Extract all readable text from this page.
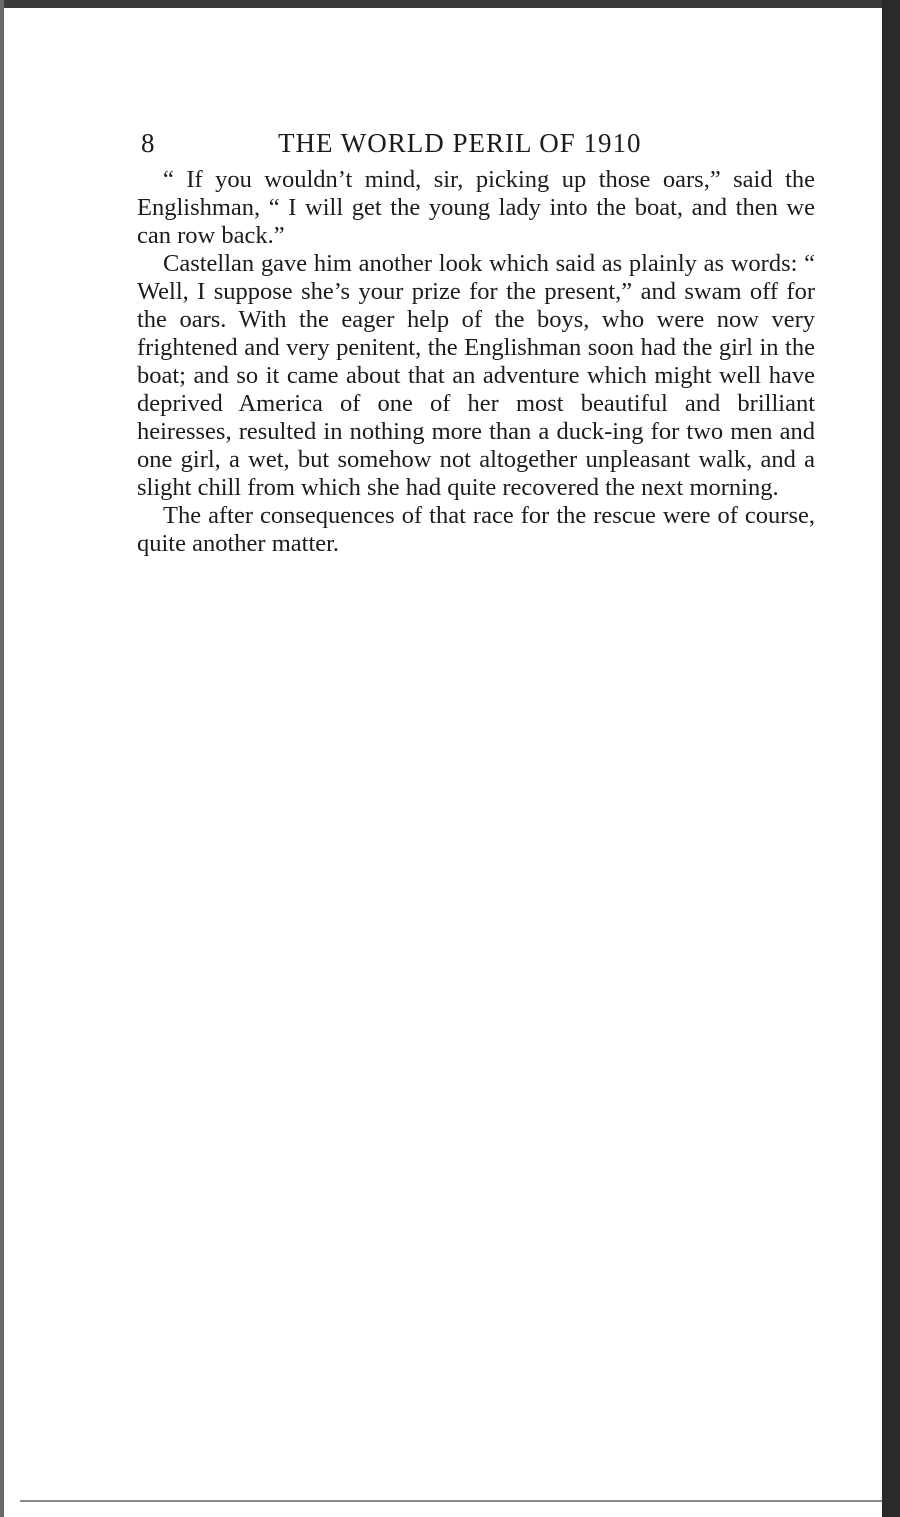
8	THE WORLD PERIL OF 1910

“ If you wouldn’t mind, sir, picking up those oars,” said the Englishman, “ I will get the young lady into the boat, and then we can row back.”

Castellan gave him another look which said as plainly as words: “ Well, I suppose she’s your prize for the present,” and swam off for the oars. With the eager help of the boys, who were now very frightened and very penitent, the Englishman soon had the girl in the boat; and so it came about that an adventure which might well have deprived America of one of her most beautiful and brilliant heiresses, resulted in nothing more than a duck-ing for two men and one girl, a wet, but somehow not altogether unpleasant walk, and a slight chill from which she had quite recovered the next morning.

The after consequences of that race for the rescue were of course, quite another matter.
